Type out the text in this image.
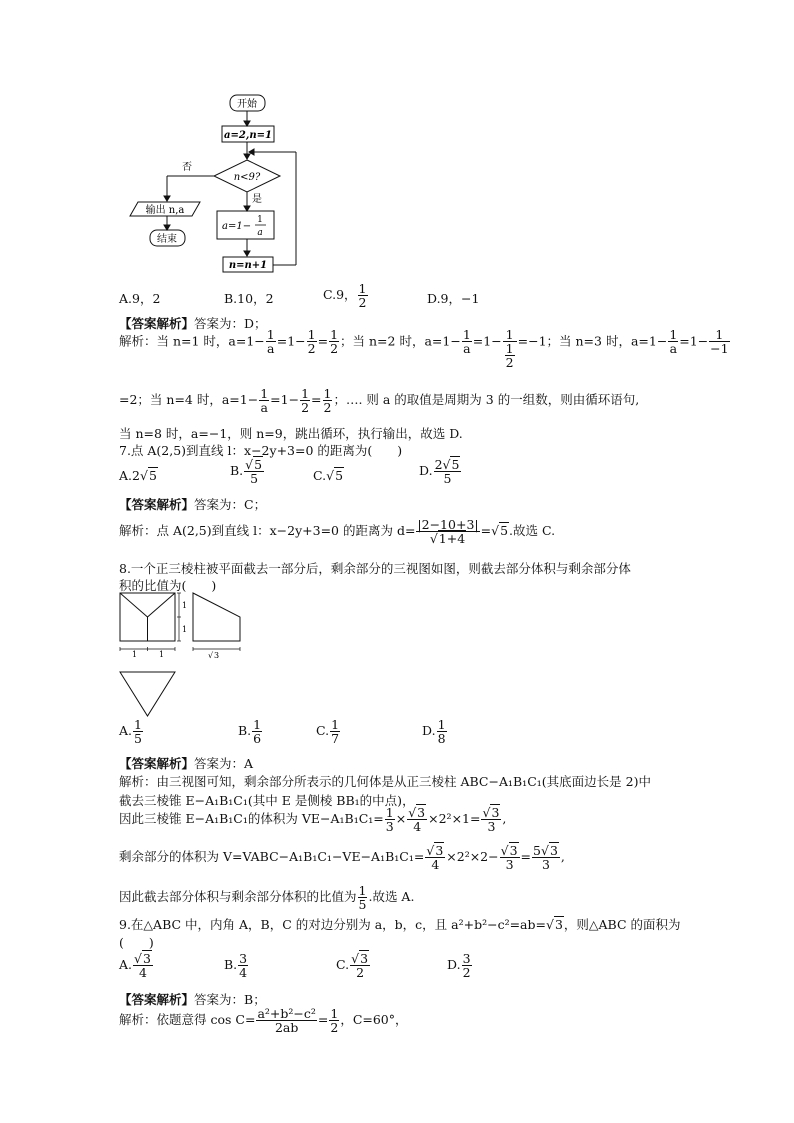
开始
a=2,n=1
n<9?
否
是
输出 n,a
结束
a=1−
1
a
n=n+1
A.9，2	B.10，2	C.9， $\frac{1}{2}$	D.9，−1
【答案解析】答案为：D；
解析：当 n=1 时，$a=1- \frac{1}{a} =1- \frac{1}{2} = \frac{1}{2}$ ；当 n=2 时，$a=1- \frac{1}{a} =1- \frac{1}{\frac{1}{2}} =-1$；当 n=3 时，$a=1- \frac{1}{a} =1- \frac{1}{-1}$
=2；当 n=4 时，$a=1- \frac{1}{a} =1- \frac{1}{2} = \frac{1}{2}$ ；…. 则 a 的取值是周期为 3 的一组数，则由循环语句,
当 n=8 时，a=−1，则 n=9，跳出循环，执行输出，故选 D.
7.点 A(2,5)到直线 l：x−2y+3=0 的距离为(　　)
A.2√5	B. $\frac{√5}{5}$	C.√5	D. $\frac{2√5}{5}$
【答案解析】答案为：C；
解析：点 A(2,5)到直线 l：x−2y+3=0 的距离为 $d= \frac{|2-10+3|}{√1+4} =√5$.故选 C.
8.一个正三棱柱被平面截去一部分后，剩余部分的三视图如图，则截去部分体积与剩余部分体
积的比值为(　　)
1
1
1	1	√ 3
A. $\frac{1}{5}$	B. $\frac{1}{6}$	C. $\frac{1}{7}$	D. $\frac{1}{8}$
【答案解析】答案为：A
解析：由三视图可知，剩余部分所表示的几何体是从正三棱柱 ABC−A₁B₁C₁(其底面边长是 2)中
截去三棱锥 E−A₁B₁C₁(其中 E 是侧棱 BB₁的中点)，
因此三棱锥 E−A₁B₁C₁的体积为 $VE-A_1B_1C_1= \frac{1}{3} \times \frac{√3}{4} \times 2^2\times 1= \frac{√3}{3}$ ,
剩余部分的体积为 V=VABC−A₁B₁C₁−VE−A₁B₁C₁= $\frac{√3}{4} \times 2^2\times 2- \frac{√3}{3} = \frac{5√3}{3}$ ,
因此截去部分体积与剩余部分体积的比值为 $\frac{1}{5}$ .故选 A.
9.在△ABC 中，内角 A，B，C 的对边分别为 a，b，c，且 a²+b²−c²=ab=√3，则△ABC 的面积为
(　　)
A. $\frac{√3}{4}$	B. $\frac{3}{4}$	C. $\frac{√3}{2}$	D. $\frac{3}{2}$
【答案解析】答案为：B；
解析：依题意得 $\cos C= \frac{\text{a²+b²−c²}}{2ab} = \frac{1}{2}$ ，C=60°，
